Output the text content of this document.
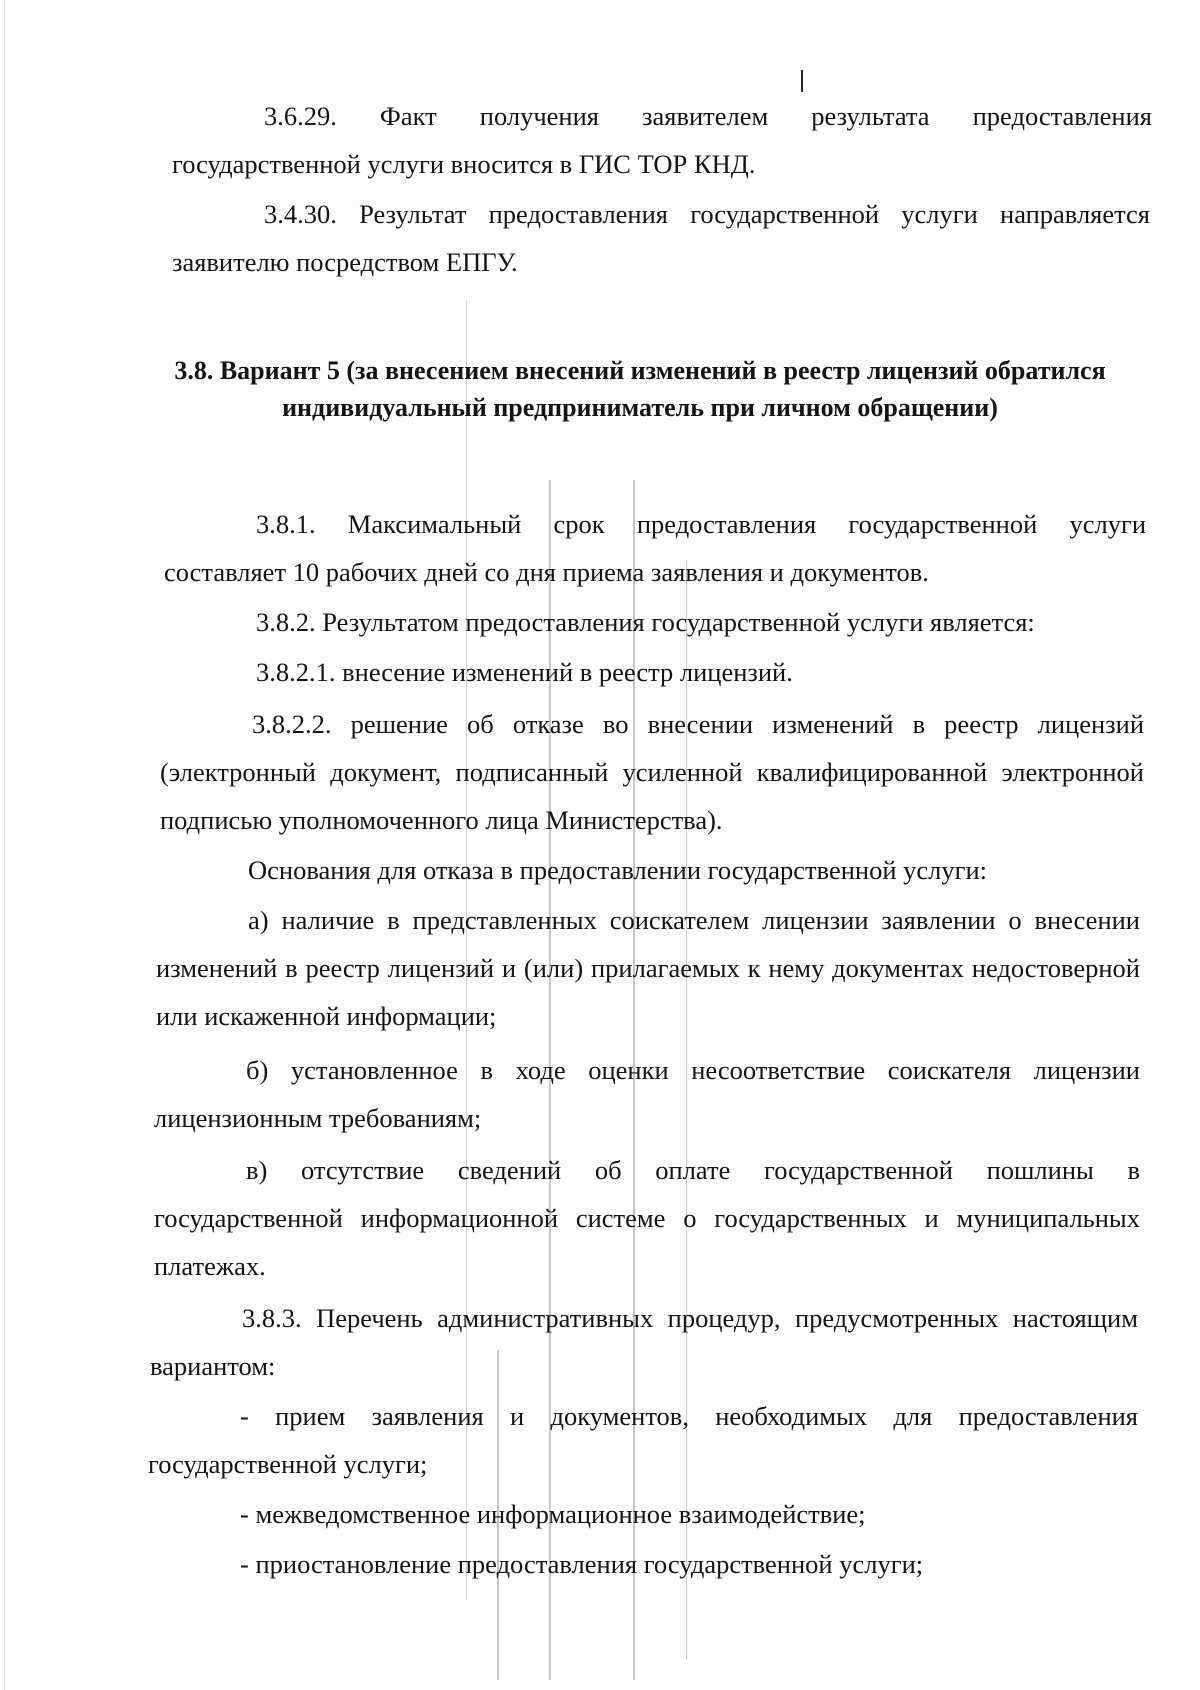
3.6.29. Факт получения заявителем результата предоставления государственной услуги вносится в ГИС ТОР КНД.

3.4.30. Результат предоставления государственной услуги направляется заявителю посредством ЕПГУ.

3.8. Вариант 5 (за внесением внесений изменений в реестр лицензий обратился индивидуальный предприниматель при личном обращении)

3.8.1. Максимальный срок предоставления государственной услуги составляет 10 рабочих дней со дня приема заявления и документов.

3.8.2. Результатом предоставления государственной услуги является:

3.8.2.1. внесение изменений в реестр лицензий.

3.8.2.2. решение об отказе во внесении изменений в реестр лицензий (электронный документ, подписанный усиленной квалифицированной электронной подписью уполномоченного лица Министерства).

Основания для отказа в предоставлении государственной услуги:

а) наличие в представленных соискателем лицензии заявлении о внесении изменений в реестр лицензий и (или) прилагаемых к нему документах недостоверной или искаженной информации;

б) установленное в ходе оценки несоответствие соискателя лицензии лицензионным требованиям;

в) отсутствие сведений об оплате государственной пошлины в государственной информационной системе о государственных и муниципальных платежах.

3.8.3. Перечень административных процедур, предусмотренных настоящим вариантом:

- прием заявления и документов, необходимых для предоставления государственной услуги;

- межведомственное информационное взаимодействие;

- приостановление предоставления государственной услуги;
